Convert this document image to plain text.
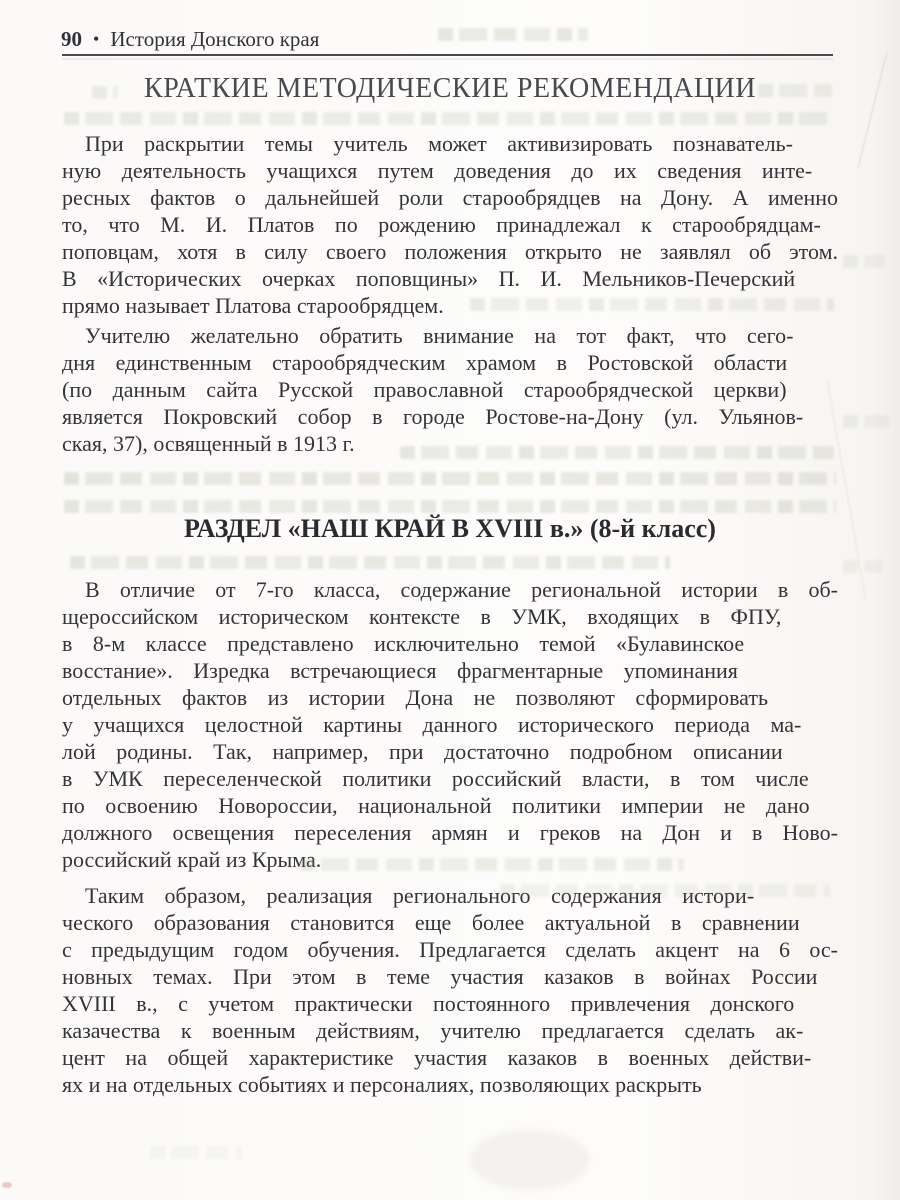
90 • История Донского края
КРАТКИЕ МЕТОДИЧЕСКИЕ РЕКОМЕНДАЦИИ
При раскрытии темы учитель может активизировать познаватель-
ную деятельность учащихся путем доведения до их сведения инте-
ресных фактов о дальнейшей роли старообрядцев на Дону. А именно
то, что М. И. Платов по рождению принадлежал к старообрядцам-
поповцам, хотя в силу своего положения открыто не заявлял об этом.
В «Исторических очерках поповщины» П. И. Мельников-Печерский
прямо называет Платова старообрядцем.
Учителю желательно обратить внимание на тот факт, что сего-
дня единственным старообрядческим храмом в Ростовской области
(по данным сайта Русской православной старообрядческой церкви)
является Покровский собор в городе Ростове-на-Дону (ул. Ульянов-
ская, 37), освященный в 1913 г.
РАЗДЕЛ «НАШ КРАЙ В XVIII в.» (8-й класс)
В отличие от 7-го класса, содержание региональной истории в об-
щероссийском историческом контексте в УМК, входящих в ФПУ,
в 8-м классе представлено исключительно темой «Булавинское
восстание». Изредка встречающиеся фрагментарные упоминания
отдельных фактов из истории Дона не позволяют сформировать
у учащихся целостной картины данного исторического периода ма-
лой родины. Так, например, при достаточно подробном описании
в УМК переселенческой политики российский власти, в том числе
по освоению Новороссии, национальной политики империи не дано
должного освещения переселения армян и греков на Дон и в Ново-
российский край из Крыма.
Таким образом, реализация регионального содержания истори-
ческого образования становится еще более актуальной в сравнении
с предыдущим годом обучения. Предлагается сделать акцент на 6 ос-
новных темах. При этом в теме участия казаков в войнах России
XVIII в., с учетом практически постоянного привлечения донского
казачества к военным действиям, учителю предлагается сделать ак-
цент на общей характеристике участия казаков в военных действи-
ях и на отдельных событиях и персоналиях, позволяющих раскрыть
